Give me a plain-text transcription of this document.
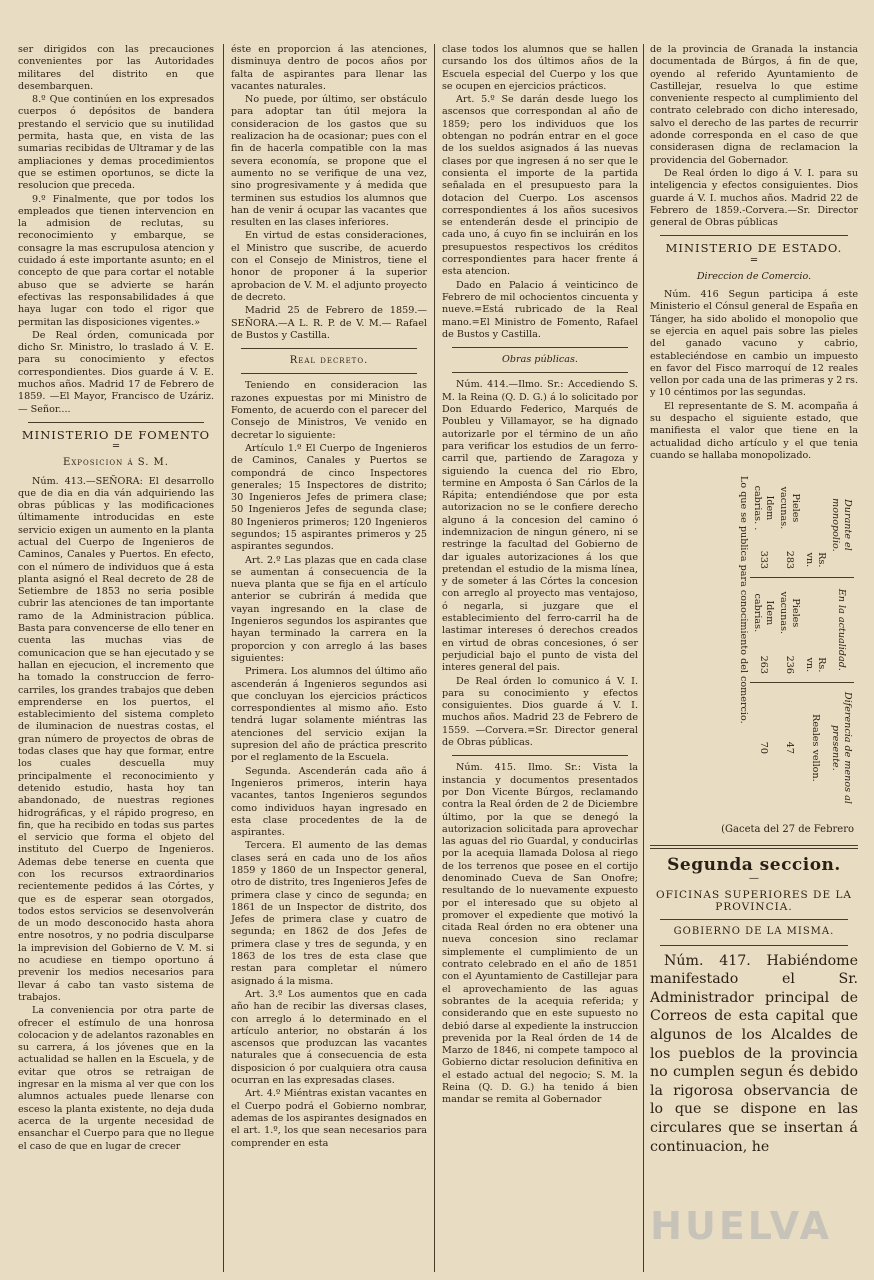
ser dirigidos con las precauciones convenientes por las Autoridades militares del distrito en que desembarquen.

8.º Que continúen en los expresados cuerpos ó depósitos de bandera prestando el servicio que su inutilidad permita, hasta que, en vista de las sumarias recibidas de Ultramar y de las ampliaciones y demas procedimientos que se estimen oportunos, se dicte la resolucion que preceda.

9.º Finalmente, que por todos los empleados que tienen intervencion en la admision de reclutas, su reconocimiento y embarque, se consagre la mas escrupulosa atencion y cuidado á este importante asunto; en el concepto de que para cortar el notable abuso que se advierte se harán efectivas las responsabilidades á que haya lugar con todo el rigor que permitan las disposiciones vigentes.»

De Real órden, comunicada por dicho Sr. Ministro, lo traslado á V. E. para su conocimiento y efectos correspondientes. Dios guarde á V. E. muchos años. Madrid 17 de Febrero de 1859. —El Mayor, Francisco de Uzáriz. — Señor....

MINISTERIO DE FOMENTO
═
Exposicion á S. M.

Núm. 413.—SEÑORA: El desarrollo que de dia en dia ván adquiriendo las obras públicas y las modificaciones últimamente introducidas en este servicio exigen un aumento en la planta actual del Cuerpo de Ingenieros de Caminos, Canales y Puertos. En efecto, con el número de individuos que á esta planta asignó el Real decreto de 28 de Setiembre de 1853 no seria posible cubrir las atenciones de tan importante ramo de la Administracion pública. Basta para convencerse de ello tener en cuenta las muchas vias de comunicacion que se han ejecutado y se hallan en ejecucion, el incremento que ha tomado la construccion de ferro-carriles, los grandes trabajos que deben emprenderse en los puertos, el establecimiento del sistema completo de iluminacion de nuestras costas, el gran número de proyectos de obras de todas clases que hay que formar, entre los cuales descuella muy principalmente el reconocimiento y detenido estudio, hasta hoy tan abandonado, de nuestras regiones hidrográficas, y el rápido progreso, en fin, que ha recibido en todas sus partes el servicio que forma el objeto del instituto del Cuerpo de Ingenieros. Ademas debe tenerse en cuenta que con los recursos extraordinarios recientemente pedidos á las Córtes, y que es de esperar sean otorgados, todos estos servicios se desenvolverán de un modo desconocido hasta ahora entre nosotros, y no podria disculparse la imprevision del Gobierno de V. M. si no acudiese en tiempo oportuno á prevenir los medios necesarios para llevar á cabo tan vasto sistema de trabajos.

La conveniencia por otra parte de ofrecer el estímulo de una honrosa colocacion y de adelantos razonables en su carrera, á los jóvenes que en la actualidad se hallen en la Escuela, y de evitar que otros se retraigan de ingresar en la misma al ver que con los alumnos actuales puede llenarse con esceso la planta existente, no deja duda acerca de la urgente necesidad de ensanchar el Cuerpo para que no llegue el caso de que en lugar de crecer

éste en proporcion á las atenciones, disminuya dentro de pocos años por falta de aspirantes para llenar las vacantes naturales.

No puede, por último, ser obstáculo para adoptar tan útil mejora la consideracion de los gastos que su realizacion ha de ocasionar; pues con el fin de hacerla compatible con la mas severa economía, se propone que el aumento no se verifique de una vez, sino progresivamente y á medida que terminen sus estudios los alumnos que han de venir á ocupar las vacantes que resulten en las clases inferiores.

En virtud de estas consideraciones, el Ministro que suscribe, de acuerdo con el Consejo de Ministros, tiene el honor de proponer á la superior aprobacion de V. M. el adjunto proyecto de decreto.

Madrid 25 de Febrero de 1859.— SEÑORA.—A L. R. P. de V. M.— Rafael de Bustos y Castilla.

Real decreto.

Teniendo en consideracion las razones expuestas por mi Ministro de Fomento, de acuerdo con el parecer del Consejo de Ministros, Ve venido en decretar lo siguiente:

Artículo 1.º El Cuerpo de Ingenieros de Caminos, Canales y Puertos se compondrá de cinco Inspectores generales; 15 Inspectores de distrito; 30 Ingenieros Jefes de primera clase; 50 Ingenieros Jefes de segunda clase; 80 Ingenieros primeros; 120 Ingenieros segundos; 15 aspirantes primeros y 25 aspirantes segundos.

Art. 2.º Las plazas que en cada clase se aumentan á consecuencia de la nueva planta que se fija en el artículo anterior se cubrirán á medida que vayan ingresando en la clase de Ingenieros segundos los aspirantes que hayan terminado la carrera en la proporcion y con arreglo á las bases siguientes:

Primera. Los alumnos del último año ascenderán á Ingenieros segundos asi que concluyan los ejercicios prácticos correspondientes al mismo año. Esto tendrá lugar solamente miéntras las atenciones del servicio exijan la supresion del año de práctica prescrito por el reglamento de la Escuela.

Segunda. Ascenderán cada año á Ingenieros primeros, interin haya vacantes, tantos Ingenieros segundos como individuos hayan ingresado en esta clase procedentes de la de aspirantes.

Tercera. El aumento de las demas clases será en cada uno de los años 1859 y 1860 de un Inspector general, otro de distrito, tres Ingenieros Jefes de primera clase y cinco de segunda; en 1861 de un Inspector de distrito, dos Jefes de primera clase y cuatro de segunda; en 1862 de dos Jefes de primera clase y tres de segunda, y en 1863 de los tres de esta clase que restan para completar el número asignado á la misma.

Art. 3.º Los aumentos que en cada año han de recibir las diversas clases, con arreglo á lo determinado en el artículo anterior, no obstarán á los ascensos que produzcan las vacantes naturales que á consecuencia de esta disposicion ó por cualquiera otra causa ocurran en las expresadas clases.

Art. 4.º Miéntras existan vacantes en el Cuerpo podrá el Gobierno nombrar, ademas de los aspirantes designados en el art. 1.º, los que sean necesarios para comprender en esta

clase todos los alumnos que se hallen cursando los dos últimos años de la Escuela especial del Cuerpo y los que se ocupen en ejercicios prácticos.

Art. 5.º Se darán desde luego los ascensos que correspondan al año de 1859; pero los individuos que los obtengan no podrán entrar en el goce de los sueldos asignados á las nuevas clases por que ingresen á no ser que le consienta el importe de la partida señalada en el presupuesto para la dotacion del Cuerpo. Los ascensos correspondientes á los años sucesivos se entenderán desde el principio de cada uno, á cuyo fin se incluirán en los presupuestos respectivos los créditos correspondientes para hacer frente á esta atencion.

Dado en Palacio á veinticinco de Febrero de mil ochocientos cincuenta y nueve.=Está rubricado de la Real mano.=El Ministro de Fomento, Rafael de Bustos y Castilla.

Obras públicas.

Núm. 414.—Ilmo. Sr.: Accediendo S. M. la Reina (Q. D. G.) á lo solicitado por Don Eduardo Federico, Marqués de Poubleu y Villamayor, se ha dignado autorizarle por el término de un año para verificar los estudios de un ferro-carril que, partiendo de Zaragoza y siguiendo la cuenca del rio Ebro, termine en Amposta ó San Cárlos de la Rápita; entendiéndose que por esta autorizacion no se le confiere derecho alguno á la concesion del camino ó indemnizacion de ningun género, ni se restringe la facultad del Gobierno de dar iguales autorizaciones á los que pretendan el estudio de la misma línea, y de someter á las Córtes la concesion con arreglo al proyecto mas ventajoso, ó negarla, si juzgare que el establecimiento del ferro-carril ha de lastimar intereses ó derechos creados en virtud de obras concesiones, ó ser perjudicial bajo el punto de vista del interes general del pais.

De Real órden lo comunico á V. I. para su conocimiento y efectos consiguientes. Dios guarde á V. I. muchos años. Madrid 23 de Febrero de 1559. —Corvera.=Sr. Director general de Obras públicas.

Núm. 415. Ilmo. Sr.: Vista la instancia y documentos presentados por Don Vicente Búrgos, reclamando contra la Real órden de 2 de Diciembre último, por la que se denegó la autorizacion solicitada para aprovechar las aguas del rio Guardal, y conducirlas por la acequia llamada Dolosa al riego de los terrenos que posee en el cortijo denominado Cueva de San Onofre; resultando de lo nuevamente expuesto por el interesado que su objeto al promover el expediente que motivó la citada Real órden no era obtener una nueva concesion sino reclamar simplemente el cumplimiento de un contrato celebrado en el año de 1851 con el Ayuntamiento de Castillejar para el aprovechamiento de las aguas sobrantes de la acequia referida; y considerando que en este supuesto no debió darse al expediente la instruccion prevenida por la Real órden de 14 de Marzo de 1846, ni compete tampoco al Gobierno dictar resolucion definitiva en el estado actual del negocio; S. M. la Reina (Q. D. G.) ha tenido á bien mandar se remita al Gobernador

de la provincia de Granada la instancia documentada de Búrgos, á fin de que, oyendo al referido Ayuntamiento de Castillejar, resuelva lo que estime conveniente respecto al cumplimiento del contrato celebrado con dicho interesado, salvo el derecho de las partes de recurrir adonde corresponda en el caso de que considerasen digna de reclamacion la providencia del Gobernador.

De Real órden lo digo á V. I. para su inteligencia y efectos consiguientes. Dios guarde á V. I. muchos años. Madrid 22 de Febrero de 1859.-Corvera.—Sr. Director general de Obras públicas

MINISTERIO DE ESTADO.
═
Direccion de Comercio.

Núm. 416 Segun participa á este Ministerio el Cónsul general de España en Tánger, ha sido abolido el monopolio que se ejercia en aquel pais sobre las pieles del ganado vacuno y cabrio, estableciéndose en cambio un impuesto en favor del Fisco marroquí de 12 reales vellon por cada una de las primeras y 2 rs. y 10 céntimos por las segundas.

El representante de S. M. acompaña á su despacho el siguiente estado, que manifiesta el valor que tiene en la actualidad dicho artículo y el que tenia cuando se hallaba monopolizado.

Durante el monopolio.		En la actualidad.		Diferencia de menos al presente.
	Rs. vn.		Rs. vn.	Reales vellon.
Pieles vacunas.	283	Pieles vacunas.	236	47
Idem cabrias. .	333	Idem cabrias.	263	70
Lo que se publica para conocimiento del comercio.				
(Gaceta del 27 de Febrero
Segunda seccion.
—
OFICINAS SUPERIORES DE LA PROVINCIA.
GOBIERNO DE LA MISMA.

Núm. 417. Habiéndome manifestado el Sr. Administrador principal de Correos de esta capital que algunos de los Alcaldes de los pueblos de la provincia no cumplen segun és debido la rigorosa observancia de lo que se dispone en las circulares que se insertan á continuacion, he

HUELVA
